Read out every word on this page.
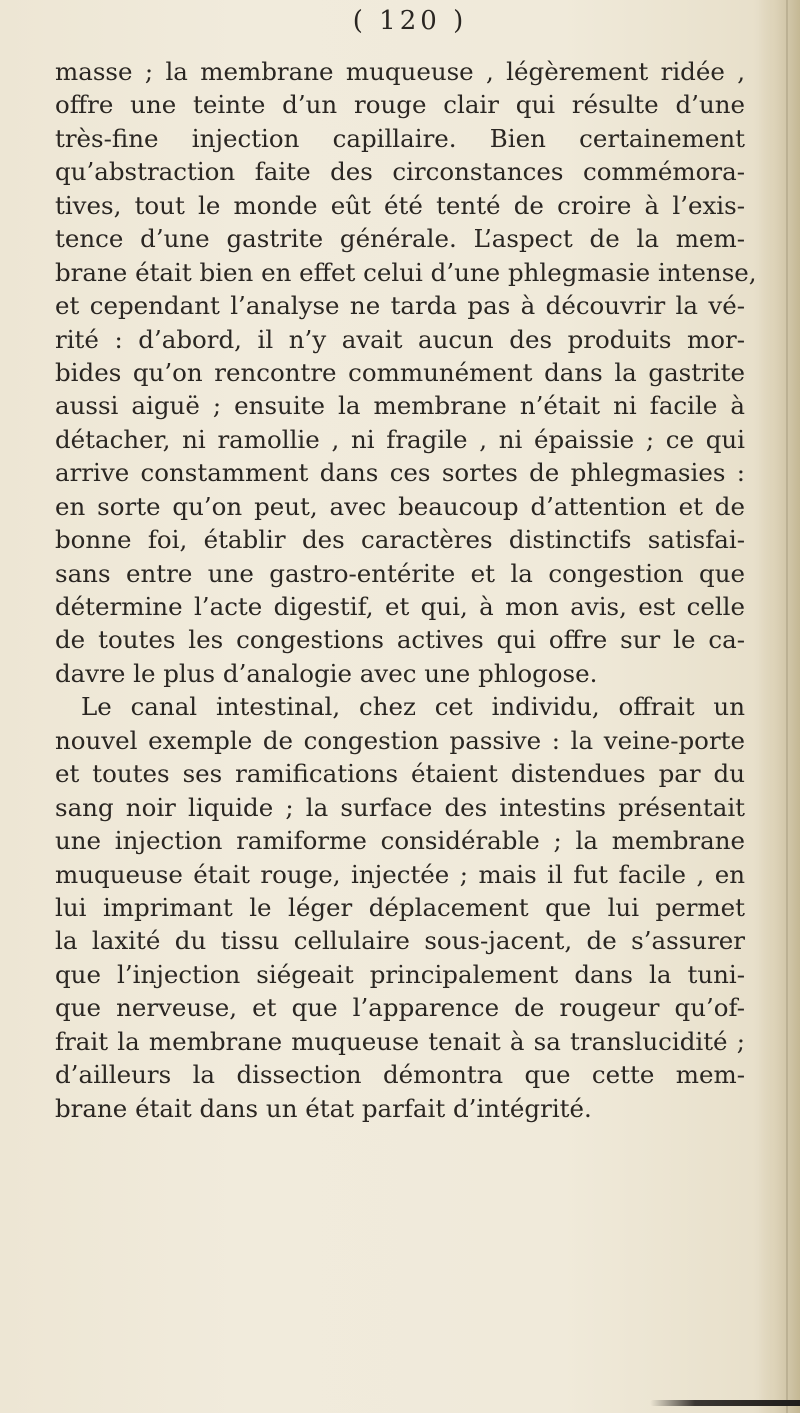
( 120 )
masse ; la membrane muqueuse , légèrement ridée ,
offre une teinte d’un rouge clair qui résulte d’une
très-fine injection capillaire. Bien certainement
qu’abstraction faite des circonstances commémora-
tives, tout le monde eût été tenté de croire à l’exis-
tence d’une gastrite générale. L’aspect de la mem-
brane était bien en effet celui d’une phlegmasie intense,
et cependant l’analyse ne tarda pas à découvrir la vé-
rité : d’abord, il n’y avait aucun des produits mor-
bides qu’on rencontre communément dans la gastrite
aussi aiguë ; ensuite la membrane n’était ni facile à
détacher, ni ramollie , ni fragile , ni épaissie ; ce qui
arrive constamment dans ces sortes de phlegmasies :
en sorte qu’on peut, avec beaucoup d’attention et de
bonne foi, établir des caractères distinctifs satisfai-
sans entre une gastro-entérite et la congestion que
détermine l’acte digestif, et qui, à mon avis, est celle
de toutes les congestions actives qui offre sur le ca-
davre le plus d’analogie avec une phlogose.
Le canal intestinal, chez cet individu, offrait un
nouvel exemple de congestion passive : la veine-porte
et toutes ses ramifications étaient distendues par du
sang noir liquide ; la surface des intestins présentait
une injection ramiforme considérable ; la membrane
muqueuse était rouge, injectée ; mais il fut facile , en
lui imprimant le léger déplacement que lui permet
la laxité du tissu cellulaire sous-jacent, de s’assurer
que l’injection siégeait principalement dans la tuni-
que nerveuse, et que l’apparence de rougeur qu’of-
frait la membrane muqueuse tenait à sa translucidité ;
d’ailleurs la dissection démontra que cette mem-
brane était dans un état parfait d’intégrité.
